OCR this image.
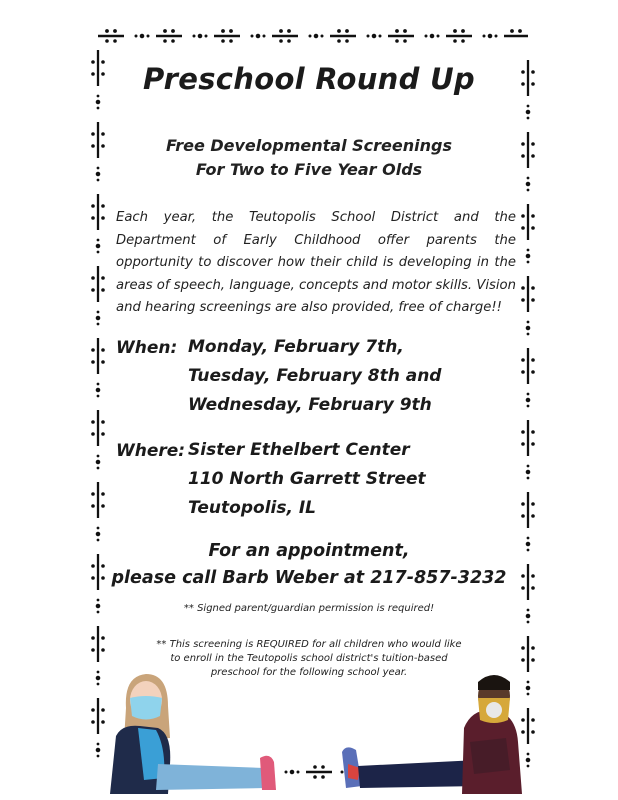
Preschool Round Up
Free Developmental Screenings
For Two to Five Year Olds
Each year, the Teutopolis School District and the Department of Early Childhood offer parents the opportunity to discover how their child is developing in the areas of speech, language, concepts and motor skills. Vision and hearing screenings are also provided, free of charge!!
When: Monday, February 7th,
Tuesday, February 8th and
Wednesday, February 9th
Where: Sister Ethelbert Center
110 North Garrett Street
Teutopolis, IL
For an appointment,
please call Barb Weber at 217-857-3232
** Signed parent/guardian permission is required!
** This screening is REQUIRED for all children who would like
to enroll in the Teutopolis school district's tuition-based
preschool for the following school year.
